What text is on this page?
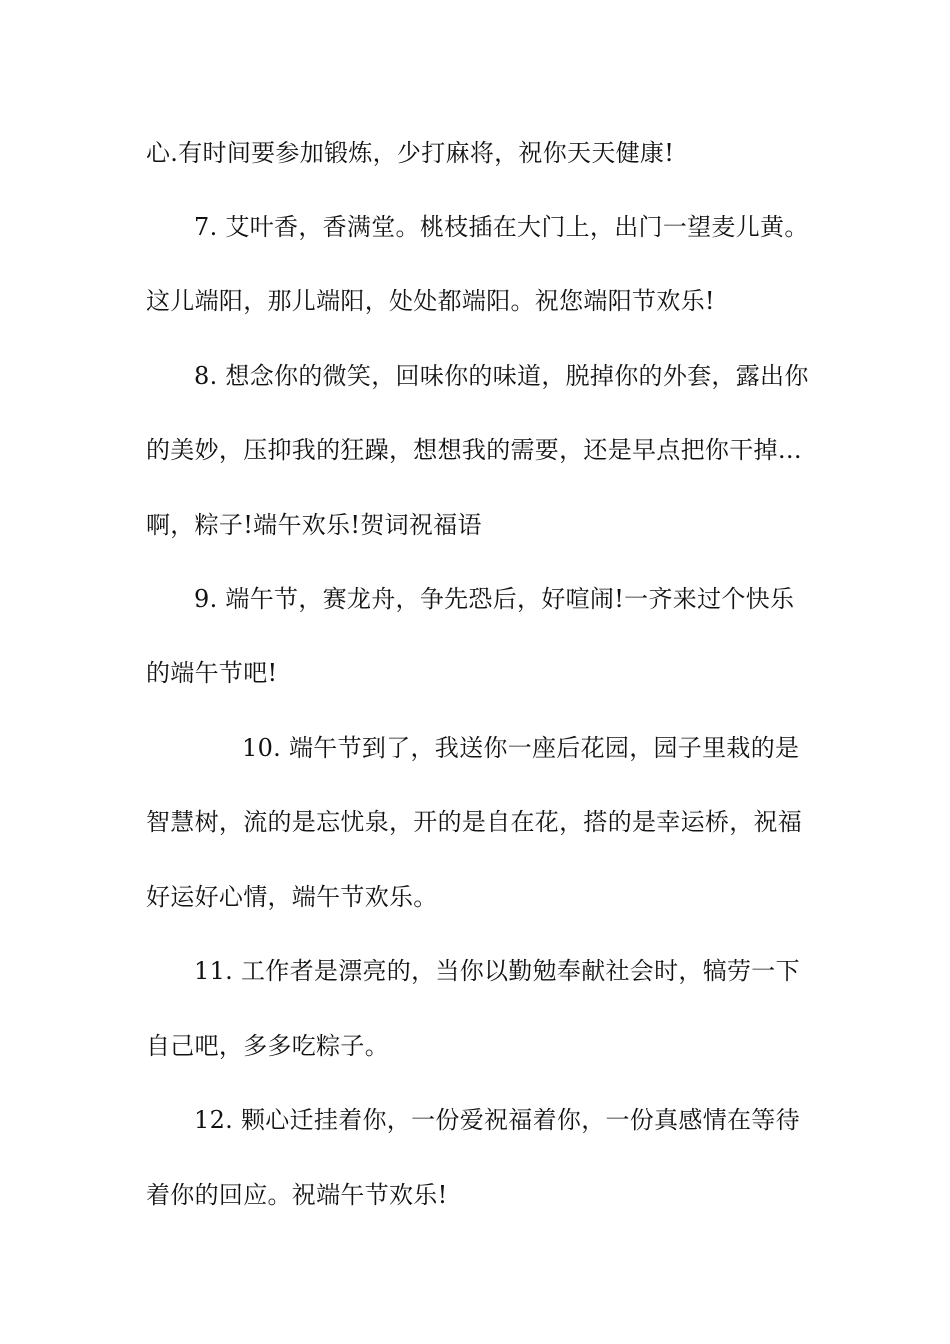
心.有时间要参加锻炼，少打麻将，祝你天天健康!
7. 艾叶香，香满堂。桃枝插在大门上，出门一望麦儿黄。
这儿端阳，那儿端阳，处处都端阳。祝您端阳节欢乐!
8. 想念你的微笑，回味你的味道，脱掉你的外套，露出你
的美妙，压抑我的狂躁，想想我的需要，还是早点把你干掉…
啊，粽子!端午欢乐!贺词祝福语
9. 端午节，赛龙舟，争先恐后，好喧闹!一齐来过个快乐
的端午节吧!
10. 端午节到了，我送你一座后花园，园子里栽的是
智慧树，流的是忘忧泉，开的是自在花，搭的是幸运桥，祝福
好运好心情，端午节欢乐。
11. 工作者是漂亮的，当你以勤勉奉献社会时，犒劳一下
自己吧，多多吃粽子。
12. 颗心迁挂着你，一份爱祝福着你，一份真感情在等待
着你的回应。祝端午节欢乐!
